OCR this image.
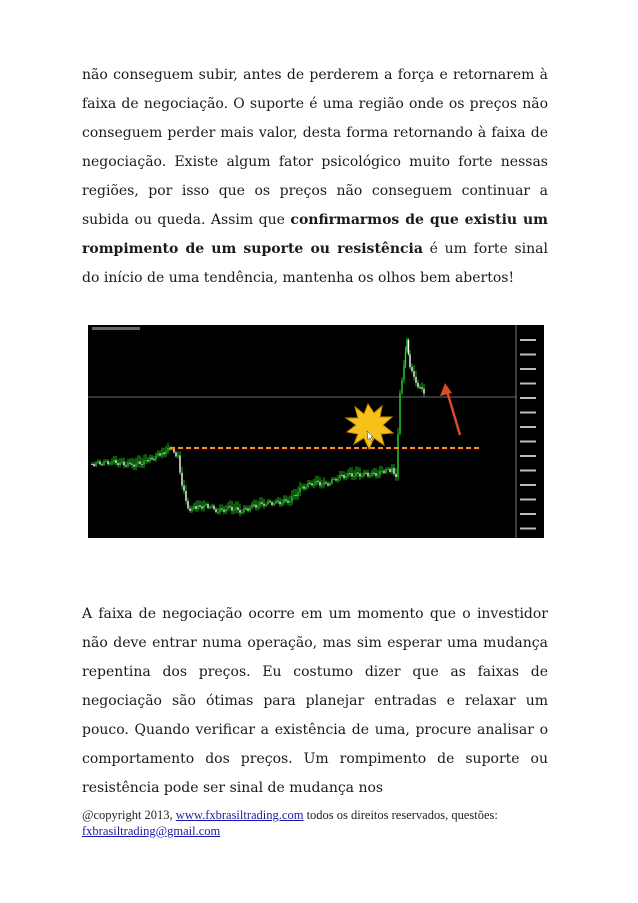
não conseguem subir, antes de perderem a força e retornarem à faixa de negociação. O suporte é uma região onde os preços não conseguem perder mais valor, desta forma retornando à faixa de negociação. Existe algum fator psicológico muito forte nessas regiões, por isso que os preços não conseguem continuar a subida ou queda. Assim que confirmarmos de que existiu um rompimento de um suporte ou resistência é um forte sinal do início de uma tendência, mantenha os olhos bem abertos!

A faixa de negociação ocorre em um momento que o investidor não deve entrar numa operação, mas sim esperar uma mudança repentina dos preços. Eu costumo dizer que as faixas de negociação são ótimas para planejar entradas e relaxar um pouco. Quando verificar a existência de uma, procure analisar o comportamento dos preços. Um rompimento de suporte ou resistência pode ser sinal de mudança nos

@copyright 2013, www.fxbrasiltrading.com todos os direitos reservados, questões:
fxbrasiltrading@gmail.com
